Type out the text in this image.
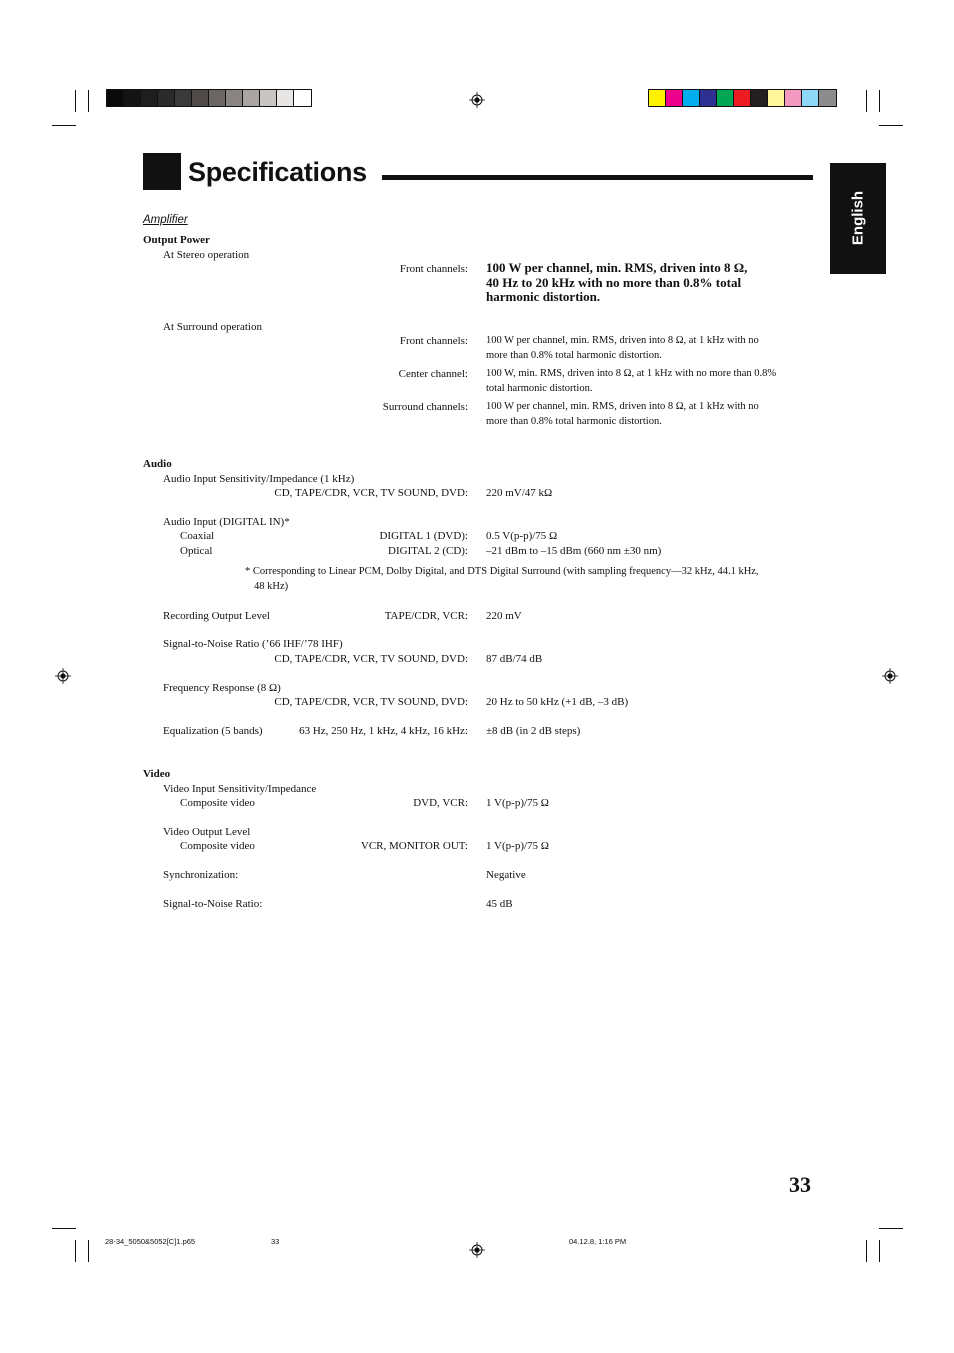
Specifications
English
Amplifier
Output Power
At Stereo operation
Front channels: 100 W per channel, min. RMS, driven into 8 Ω,
40 Hz to 20 kHz with no more than 0.8% total
harmonic distortion.
At Surround operation
Front channels: 100 W per channel, min. RMS, driven into 8 Ω, at 1 kHz with no
more than 0.8% total harmonic distortion.
Center channel: 100 W, min. RMS, driven into 8 Ω, at 1 kHz with no more than 0.8%
total harmonic distortion.
Surround channels: 100 W per channel, min. RMS, driven into 8 Ω, at 1 kHz with no
more than 0.8% total harmonic distortion.
Audio
Audio Input Sensitivity/Impedance (1 kHz)
CD, TAPE/CDR, VCR, TV SOUND, DVD: 220 mV/47 kΩ
Audio Input (DIGITAL IN)*
Coaxial	DIGITAL 1 (DVD): 0.5 V(p-p)/75 Ω
Optical	DIGITAL 2 (CD): –21 dBm to –15 dBm (660 nm ±30 nm)
* Corresponding to Linear PCM, Dolby Digital, and DTS Digital Surround (with sampling frequency—32 kHz, 44.1 kHz,
48 kHz)
Recording Output Level	TAPE/CDR, VCR: 220 mV
Signal-to-Noise Ratio (’66 IHF/’78 IHF)
CD, TAPE/CDR, VCR, TV SOUND, DVD: 87 dB/74 dB
Frequency Response (8 Ω)
CD, TAPE/CDR, VCR, TV SOUND, DVD: 20 Hz to 50 kHz (+1 dB, –3 dB)
Equalization (5 bands)	63 Hz, 250 Hz, 1 kHz, 4 kHz, 16 kHz: ±8 dB (in 2 dB steps)
Video
Video Input Sensitivity/Impedance
Composite video	DVD, VCR: 1 V(p-p)/75 Ω
Video Output Level
Composite video	VCR, MONITOR OUT: 1 V(p-p)/75 Ω
Synchronization:	Negative
Signal-to-Noise Ratio:	45 dB
33
28-34_5050&5052[C]1.p65	33	04.12.8, 1:16 PM
